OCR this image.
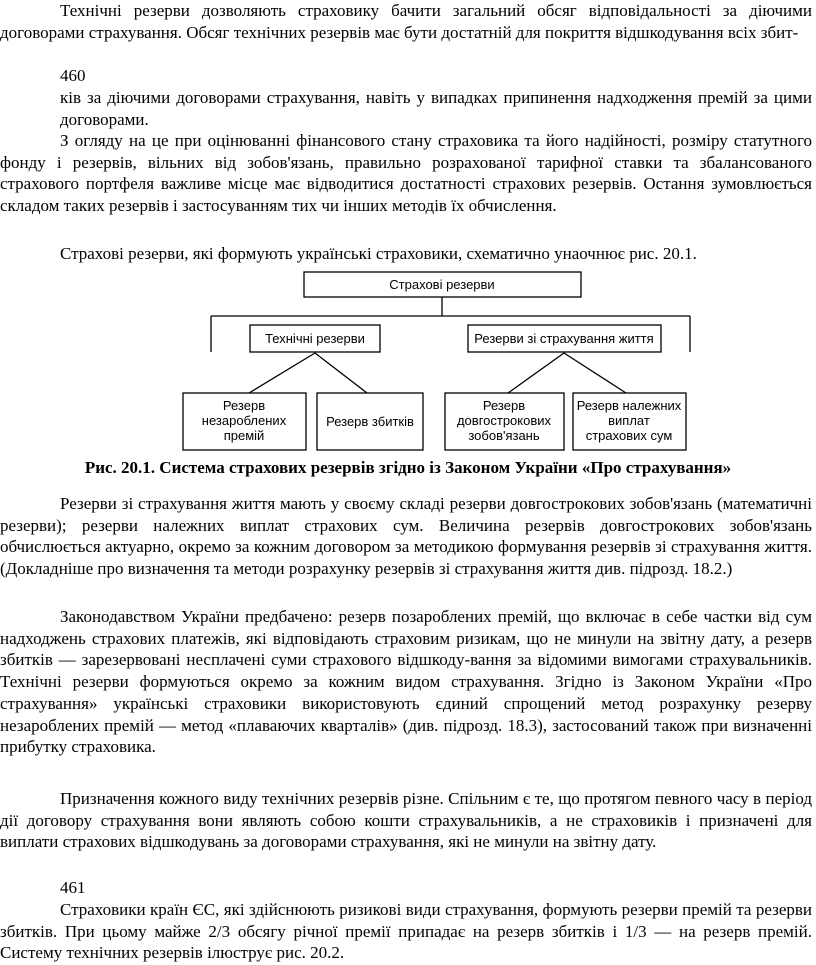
Технічні резерви дозволяють страховику бачити загальний обсяг відповідальності за діючими договорами страхування. Обсяг технічних резервів має бути достатній для покриття відшкодування всіх збит-

460

ків за діючими договорами страхування, навіть у випадках припинення надходження премій за цими договорами.

З огляду на це при оцінюванні фінансового стану страховика та його надійності, розміру статутного фонду і резервів, вільних від зобов'язань, правильно розрахованої тарифної ставки та збалансованого страхового портфеля важливе місце має відводитися достатності страхових резервів. Остання зумовлюється складом таких резервів і застосуванням тих чи інших методів їх обчислення.

Страхові резерви, які формують українські страховики, схематично унаочнює рис. 20.1.

Страхові резерви
Технічні резерви	Резерви зі страхування життя
Резерв
незароблених
премій
Резерв збитків
Резерв
довгострокових
зобов'язань
Резерв належних
виплат
страхових сум

Рис. 20.1. Система страхових резервів згідно із Законом України «Про страхування»

Резерви зі страхування життя мають у своєму складі резерви довгострокових зобов'язань (математичні резерви); резерви належних виплат страхових сум. Величина резервів довгострокових зобов'язань обчислюється актуарно, окремо за кожним договором за методикою формування резервів зі страхування життя. (Докладніше про визначення та методи розрахунку резервів зі страхування життя див. підрозд. 18.2.)

Законодавством України предбачено: резерв позароблених премій, що включає в себе частки від сум надходжень страхових платежів, які відповідають страховим ризикам, що не минули на звітну дату, а резерв збитків — зарезервовані несплачені суми страхового відшкоду-вання за відомими вимогами страхувальників. Технічні резерви формуються окремо за кожним видом страхування. Згідно із Законом України «Про страхування» українські страховики використовують єдиний спрощений метод розрахунку резерву незароблених премій — метод «плаваючих кварталів» (див. підрозд. 18.3), застосований також при визначенні прибутку страховика.

Призначення кожного виду технічних резервів різне. Спільним є те, що протягом певного часу в період дії договору страхування вони являють собою кошти страхувальників, а не страховиків і призначені для виплати страхових відшкодувань за договорами страхування, які не минули на звітну дату.

461

Страховики країн ЄС, які здійснюють ризикові види страхування, формують резерви премій та резерви збитків. При цьому майже 2/3 обсягу річної премії припадає на резерв збитків і 1/3 — на резерв премій. Систему технічних резервів ілюструє рис. 20.2.
